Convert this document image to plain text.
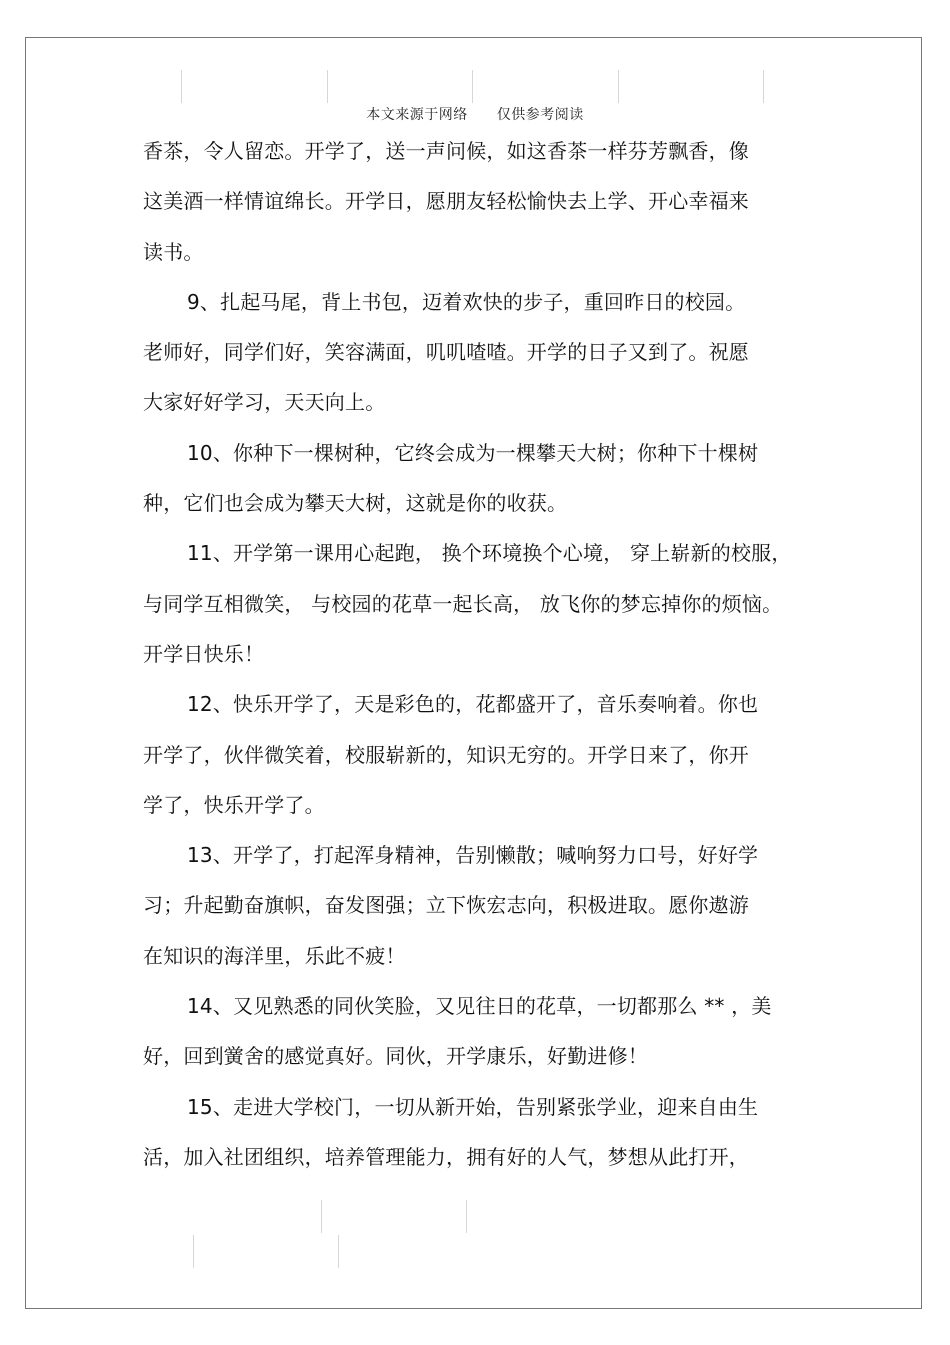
本文来源于网络 仅供参考阅读

香茶，令人留恋。开学了，送一声问候，如这香茶一样芬芳飘香，像

这美酒一样情谊绵长。开学日，愿朋友轻松愉快去上学、开心幸福来

读书。

9、扎起马尾，背上书包，迈着欢快的步子，重回昨日的校园。

老师好，同学们好，笑容满面，叽叽喳喳。开学的日子又到了。祝愿

大家好好学习，天天向上。

10、你种下一棵树种，它终会成为一棵攀天大树；你种下十棵树

种，它们也会成为攀天大树，这就是你的收获。

11、开学第一课用心起跑， 换个环境换个心境， 穿上崭新的校服，

与同学互相微笑， 与校园的花草一起长高， 放飞你的梦忘掉你的烦恼。

开学日快乐！

12、快乐开学了，天是彩色的，花都盛开了，音乐奏响着。你也

开学了，伙伴微笑着，校服崭新的，知识无穷的。开学日来了，你开

学了，快乐开学了。

13、开学了，打起浑身精神，告别懒散；喊响努力口号，好好学

习；升起勤奋旗帜，奋发图强；立下恢宏志向，积极进取。愿你遨游

在知识的海洋里，乐此不疲！

14、又见熟悉的同伙笑脸，又见往日的花草，一切都那么 ** ，美

好，回到黉舍的感觉真好。同伙，开学康乐，好勤进修！

15、走进大学校门，一切从新开始，告别紧张学业，迎来自由生

活，加入社团组织，培养管理能力，拥有好的人气，梦想从此打开，
